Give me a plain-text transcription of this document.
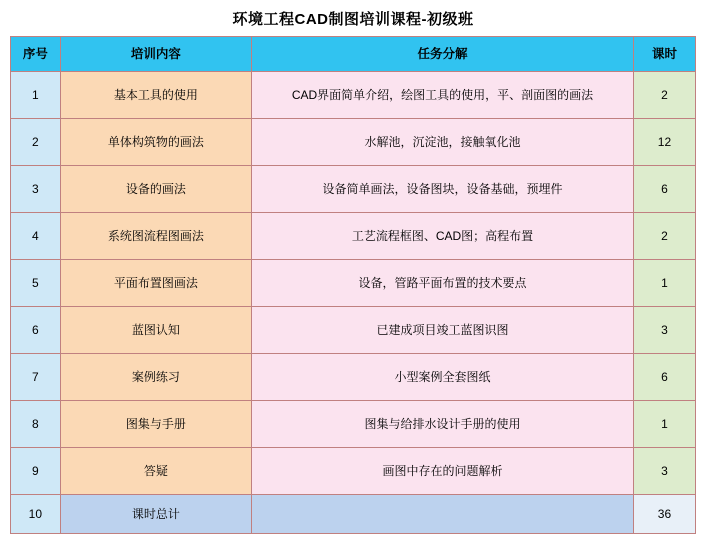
环境工程CAD制图培训课程-初级班
序号	培训内容	任务分解	课时
1	基本工具的使用	CAD界面简单介绍，绘图工具的使用，平、剖面图的画法	2
2	单体构筑物的画法	水解池，沉淀池，接触氧化池	12
3	设备的画法	设备简单画法，设备图块，设备基础，预埋件	6
4	系统图流程图画法	工艺流程框图、CAD图；高程布置	2
5	平面布置图画法	设备，管路平面布置的技术要点	1
6	蓝图认知	已建成项目竣工蓝图识图	3
7	案例练习	小型案例全套图纸	6
8	图集与手册	图集与给排水设计手册的使用	1
9	答疑	画图中存在的问题解析	3
10	课时总计		36
